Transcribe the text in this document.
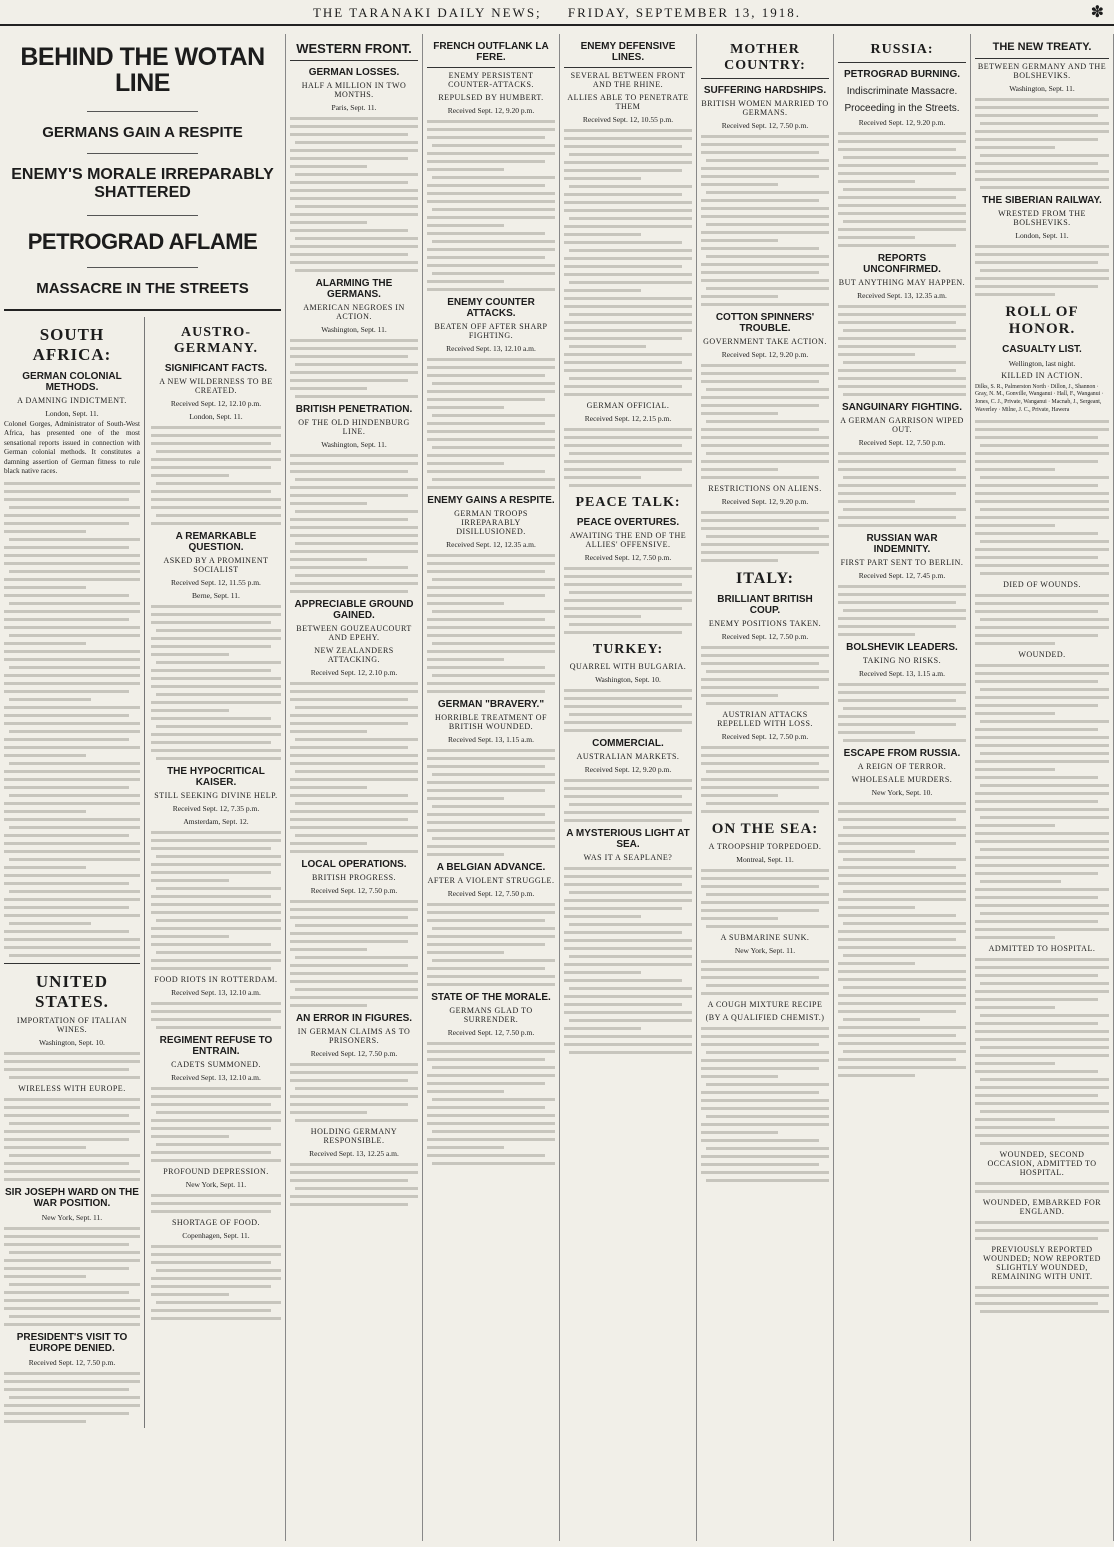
THE TARANAKI DAILY NEWS; FRIDAY, SEPTEMBER 13, 1918.	✽
BEHIND THE WOTAN LINE
GERMANS GAIN A RESPITE
ENEMY'S MORALE IRREPARABLY SHATTERED
PETROGRAD AFLAME
MASSACRE IN THE STREETS
SOUTH AFRICA:
GERMAN COLONIAL METHODS.
A DAMNING INDICTMENT.
London, Sept. 11.

Colonel Gorges, Administrator of South-West Africa, has presented one of the most sensational reports issued in connection with German colonial methods. It constitutes a damning assertion of German fitness to rule black native races.

UNITED STATES.
IMPORTATION OF ITALIAN WINES.
Washington, Sept. 10.
WIRELESS WITH EUROPE.
SIR JOSEPH WARD ON THE WAR POSITION.
New York, Sept. 11.
PRESIDENT'S VISIT TO EUROPE DENIED.
Received Sept. 12, 7.50 p.m.
AUSTRO-GERMANY.
SIGNIFICANT FACTS.
A NEW WILDERNESS TO BE CREATED.
Received Sept. 12, 12.10 p.m.
London, Sept. 11.
A REMARKABLE QUESTION.
ASKED BY A PROMINENT SOCIALIST
Received Sept. 12, 11.55 p.m.
Berne, Sept. 11.
THE HYPOCRITICAL KAISER.
STILL SEEKING DIVINE HELP.
Received Sept. 12, 7.35 p.m.
Amsterdam, Sept. 12.
FOOD RIOTS IN ROTTERDAM.
Received Sept. 13, 12.10 a.m.
REGIMENT REFUSE TO ENTRAIN.
CADETS SUMMONED.
Received Sept. 13, 12.10 a.m.
PROFOUND DEPRESSION.
New York, Sept. 11.
SHORTAGE OF FOOD.
Copenhagen, Sept. 11.
WESTERN FRONT.
GERMAN LOSSES.
HALF A MILLION IN TWO MONTHS.
Paris, Sept. 11.
ALARMING THE GERMANS.
AMERICAN NEGROES IN ACTION.
Washington, Sept. 11.
BRITISH PENETRATION.
OF THE OLD HINDENBURG LINE.
Washington, Sept. 11.
APPRECIABLE GROUND GAINED.
BETWEEN GOUZEAUCOURT AND EPEHY.
NEW ZEALANDERS ATTACKING.
Received Sept. 12, 2.10 p.m.
LOCAL OPERATIONS.
BRITISH PROGRESS.
Received Sept. 12, 7.50 p.m.
AN ERROR IN FIGURES.
IN GERMAN CLAIMS AS TO PRISONERS.
Received Sept. 12, 7.50 p.m.
HOLDING GERMANY RESPONSIBLE.
Received Sept. 13, 12.25 a.m.
FRENCH OUTFLANK LA FERE.
ENEMY PERSISTENT COUNTER-ATTACKS.
REPULSED BY HUMBERT.
Received Sept. 12, 9.20 p.m.
ENEMY COUNTER ATTACKS.
BEATEN OFF AFTER SHARP FIGHTING.
Received Sept. 13, 12.10 a.m.
ENEMY GAINS A RESPITE.
GERMAN TROOPS IRREPARABLY DISILLUSIONED.
Received Sept. 12, 12.35 a.m.
GERMAN "BRAVERY."
HORRIBLE TREATMENT OF BRITISH WOUNDED.
Received Sept. 13, 1.15 a.m.
A BELGIAN ADVANCE.
AFTER A VIOLENT STRUGGLE.
Received Sept. 12, 7.50 p.m.
STATE OF THE MORALE.
GERMANS GLAD TO SURRENDER.
Received Sept. 12, 7.50 p.m.
ENEMY DEFENSIVE LINES.
SEVERAL BETWEEN FRONT AND THE RHINE.
ALLIES ABLE TO PENETRATE THEM
Received Sept. 12, 10.55 p.m.
GERMAN OFFICIAL.
Received Sept. 12, 2.15 p.m.
PEACE TALK:
PEACE OVERTURES.
AWAITING THE END OF THE ALLIES' OFFENSIVE.
Received Sept. 12, 7.50 p.m.
TURKEY:
QUARREL WITH BULGARIA.
Washington, Sept. 10.
COMMERCIAL.
AUSTRALIAN MARKETS.
Received Sept. 12, 9.20 p.m.
A MYSTERIOUS LIGHT AT SEA.
WAS IT A SEAPLANE?
MOTHER COUNTRY:
SUFFERING HARDSHIPS.
BRITISH WOMEN MARRIED TO GERMANS.
Received Sept. 12, 7.50 p.m.
COTTON SPINNERS' TROUBLE.
GOVERNMENT TAKE ACTION.
Received Sept. 12, 9.20 p.m.
RESTRICTIONS ON ALIENS.
Received Sept. 12, 9.20 p.m.
ITALY:
BRILLIANT BRITISH COUP.
ENEMY POSITIONS TAKEN.
Received Sept. 12, 7.50 p.m.
AUSTRIAN ATTACKS REPELLED WITH LOSS.
Received Sept. 12, 7.50 p.m.
ON THE SEA:
A TROOPSHIP TORPEDOED.
Montreal, Sept. 11.
A SUBMARINE SUNK.
New York, Sept. 11.
A COUGH MIXTURE RECIPE
(BY A QUALIFIED CHEMIST.)
RUSSIA:
PETROGRAD BURNING.
Indiscriminate Massacre.
Proceeding in the Streets.
Received Sept. 12, 9.20 p.m.
REPORTS UNCONFIRMED.
BUT ANYTHING MAY HAPPEN.
Received Sept. 13, 12.35 a.m.
SANGUINARY FIGHTING.
A GERMAN GARRISON WIPED OUT.
Received Sept. 12, 7.50 p.m.
RUSSIAN WAR INDEMNITY.
FIRST PART SENT TO BERLIN.
Received Sept. 12, 7.45 p.m.
BOLSHEVIK LEADERS.
TAKING NO RISKS.
Received Sept. 13, 1.15 a.m.
ESCAPE FROM RUSSIA.
A REIGN OF TERROR.
WHOLESALE MURDERS.
New York, Sept. 10.
THE NEW TREATY.
BETWEEN GERMANY AND THE BOLSHEVIKS.
Washington, Sept. 11.
THE SIBERIAN RAILWAY.
WRESTED FROM THE BOLSHEVIKS.
London, Sept. 11.
ROLL OF HONOR.
CASUALTY LIST.
Wellington, last night.
KILLED IN ACTION.

Dilks, S. R., Palmerston North · Dillon, J., Shannon · Gray, N. M., Gonville, Wanganui · Hall, F., Wanganui · Jones, C. J., Private, Wanganui · Macnab, J., Sergeant, Waverley · Milne, J. C., Private, Hawera

DIED OF WOUNDS.
WOUNDED.
ADMITTED TO HOSPITAL.
WOUNDED, SECOND OCCASION, ADMITTED TO HOSPITAL.
WOUNDED, EMBARKED FOR ENGLAND.
PREVIOUSLY REPORTED WOUNDED; NOW REPORTED SLIGHTLY WOUNDED, REMAINING WITH UNIT.
